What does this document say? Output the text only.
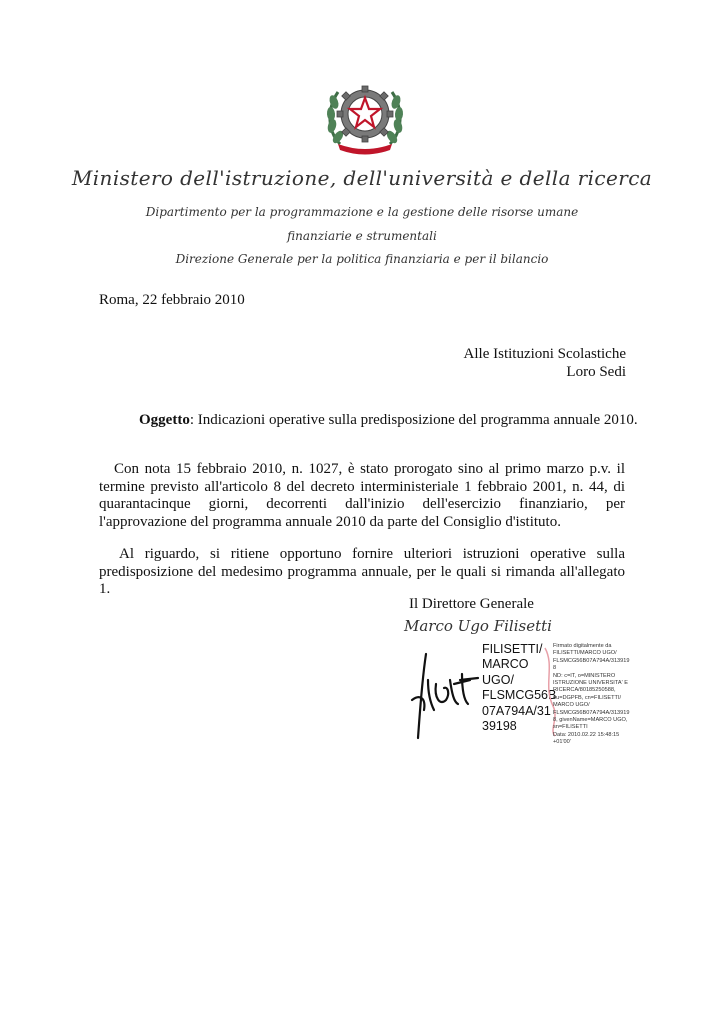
Ministero dell'istruzione, dell'università e della ricerca
Dipartimento per la programmazione e la gestione delle risorse umane finanziarie e strumentali
Direzione Generale per la politica finanziaria e per il bilancio
Roma, 22 febbraio 2010
Alle Istituzioni Scolastiche
Loro Sedi
Oggetto: Indicazioni operative sulla predisposizione del programma annuale 2010.

Con nota 15 febbraio 2010, n. 1027, è stato prorogato sino al primo marzo p.v. il termine previsto all'articolo 8 del decreto interministeriale 1 febbraio 2001, n. 44, di quarantacinque giorni, decorrenti dall'inizio dell'esercizio finanziario, per l'approvazione del programma annuale 2010 da parte del Consiglio d'istituto.

Al riguardo, si ritiene opportuno fornire ulteriori istruzioni operative sulla predisposizione del medesimo programma annuale, per le quali si rimanda all'allegato 1.

Il Direttore Generale
Marco Ugo Filisetti
FILISETTI/
MARCO
UGO/
FLSMCG56B
07A794A/31
39198
Firmato digitalmente da
FILISETTI/MARCO UGO/
FLSMCG56B07A794A/313919
8
ND: c=IT, o=MINISTERO
ISTRUZIONE UNIVERSITA' E
RICERCA/80185250588,
ou=DGPFB, cn=FILISETTI/
MARCO UGO/
FLSMCG56B07A794A/313919
8, givenName=MARCO UGO,
sn=FILISETTI
Data: 2010.02.22 15:48:15
+01'00'
